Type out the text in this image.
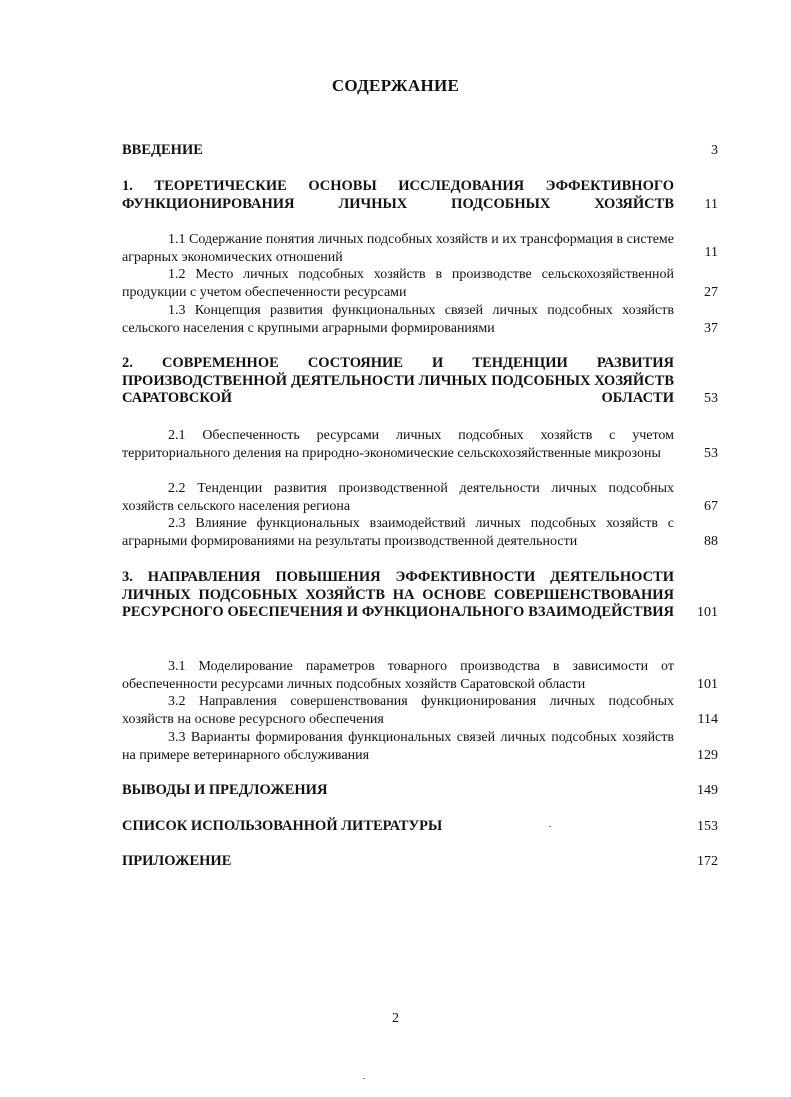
СОДЕРЖАНИЕ
ВВЕДЕНИЕ	3
1. ТЕОРЕТИЧЕСКИЕ ОСНОВЫ ИССЛЕДОВАНИЯ ЭФФЕКТИВНОГО ФУНКЦИОНИРОВАНИЯ ЛИЧНЫХ ПОДСОБНЫХ ХОЗЯЙСТВ	11
1.1 Содержание понятия личных подсобных хозяйств и их трансформация в системе аграрных экономических отношений	11
1.2 Место личных подсобных хозяйств в производстве сельскохозяйственной продукции с учетом обеспеченности ресурсами	27
1.3 Концепция развития функциональных связей личных подсобных хозяйств сельского населения с крупными аграрными формированиями	37
2. СОВРЕМЕННОЕ СОСТОЯНИЕ И ТЕНДЕНЦИИ РАЗВИТИЯ ПРОИЗВОДСТВЕННОЙ ДЕЯТЕЛЬНОСТИ ЛИЧНЫХ ПОДСОБНЫХ ХОЗЯЙСТВ САРАТОВСКОЙ ОБЛАСТИ	53
2.1 Обеспеченность ресурсами личных подсобных хозяйств с учетом территориального деления на природно-экономические сельскохозяйственные микрозоны	53
2.2 Тенденции развития производственной деятельности личных подсобных хозяйств сельского населения региона	67
2.3 Влияние функциональных взаимодействий личных подсобных хозяйств с аграрными формированиями на результаты производственной деятельности	88
3. НАПРАВЛЕНИЯ ПОВЫШЕНИЯ ЭФФЕКТИВНОСТИ ДЕЯТЕЛЬНОСТИ ЛИЧНЫХ ПОДСОБНЫХ ХОЗЯЙСТВ НА ОСНОВЕ СОВЕРШЕНСТВОВАНИЯ РЕСУРСНОГО ОБЕСПЕЧЕНИЯ И ФУНКЦИОНАЛЬНОГО ВЗАИМОДЕЙСТВИЯ	101
3.1 Моделирование параметров товарного производства в зависимости от обеспеченности ресурсами личных подсобных хозяйств Саратовской области	101
3.2 Направления совершенствования функционирования личных подсобных хозяйств на основе ресурсного обеспечения	114
3.3 Варианты формирования функциональных связей личных подсобных хозяйств на примере ветеринарного обслуживания	129
ВЫВОДЫ И ПРЕДЛОЖЕНИЯ	149
СПИСОК ИСПОЛЬЗОВАННОЙ ЛИТЕРАТУРЫ	153
ПРИЛОЖЕНИЕ	172
2
